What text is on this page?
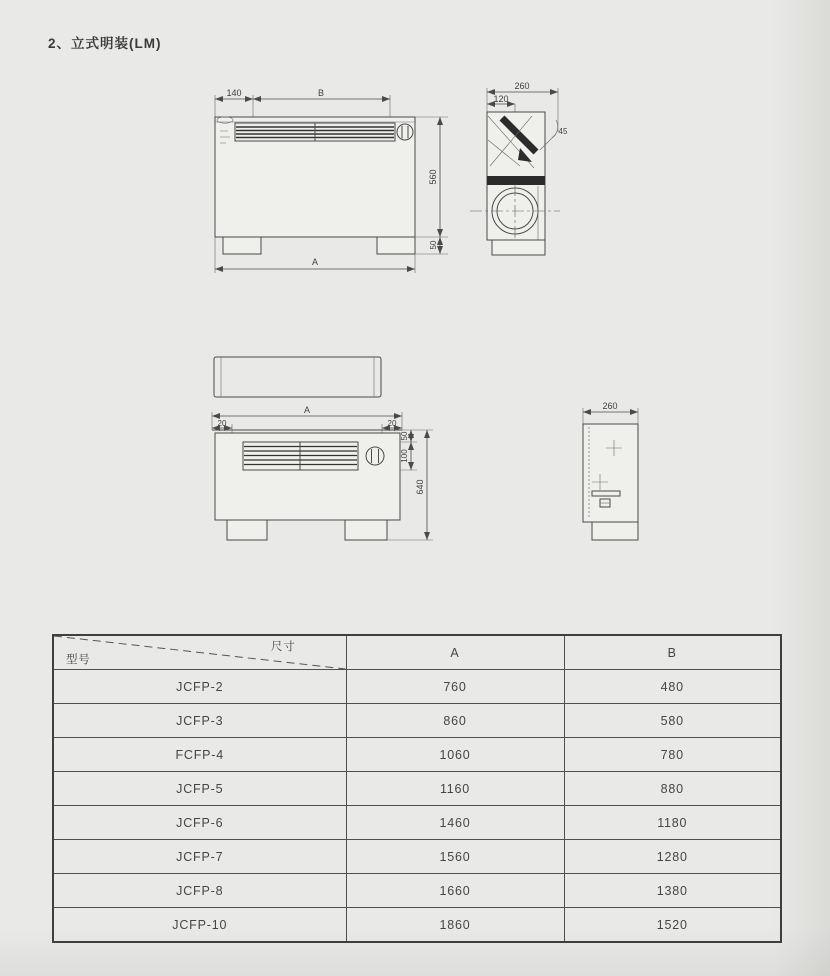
2、立式明装(LM)
140	B
560
50
A
260
120
45
A
20	20
50
100
640
260
型号
尺寸	A	B
JCFP-2	760	480
JCFP-3	860	580
FCFP-4	1060	780
JCFP-5	1160	880
JCFP-6	1460	1180
JCFP-7	1560	1280
JCFP-8	1660	1380
JCFP-10	1860	1520
